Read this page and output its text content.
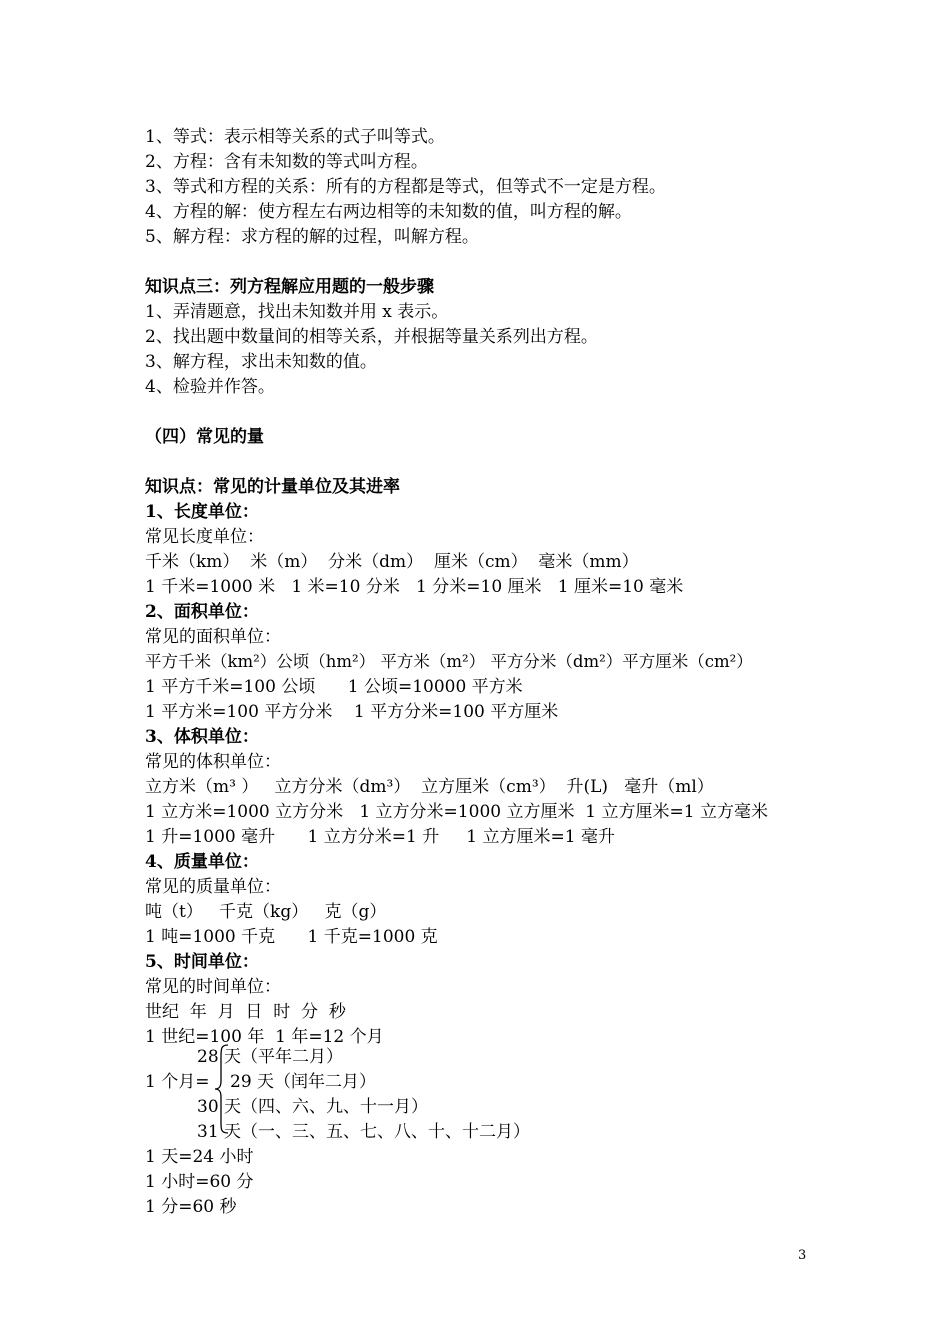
1、等式：表示相等关系的式子叫等式。
2、方程：含有未知数的等式叫方程。
3、等式和方程的关系：所有的方程都是等式，但等式不一定是方程。
4、方程的解：使方程左右两边相等的未知数的值，叫方程的解。
5、解方程：求方程的解的过程，叫解方程。
知识点三：列方程解应用题的一般步骤
1、弄清题意，找出未知数并用 x 表示。
2、找出题中数量间的相等关系，并根据等量关系列出方程。
3、解方程，求出未知数的值。
4、检验并作答。
（四）常见的量
知识点：常见的计量单位及其进率
1、长度单位：
常见长度单位：
千米（km）  米（m）  分米（dm）  厘米（cm）  毫米（mm）
1 千米=1000 米   1 米=10 分米   1 分米=10 厘米   1 厘米=10 毫米
2、面积单位：
常见的面积单位：
平方千米（km²）公顷（hm²） 平方米（m²） 平方分米（dm²）平方厘米（cm²）
1 平方千米=100 公顷      1 公顷=10000 平方米
1 平方米=100 平方分米    1 平方分米=100 平方厘米
3、体积单位：
常见的体积单位：
立方米（m³ ）   立方分米（dm³）  立方厘米（cm³）  升(L)   毫升（ml）
1 立方米=1000 立方分米   1 立方分米=1000 立方厘米  1 立方厘米=1 立方毫米
1 升=1000 毫升      1 立方分米=1 升     1 立方厘米=1 毫升
4、质量单位：
常见的质量单位：
吨（t）   千克（kg）   克（g）
1 吨=1000 千克      1 千克=1000 克
5、时间单位：
常见的时间单位：
世纪  年  月  日  时  分  秒
1 世纪=100 年  1 年=12 个月
28 天（平年二月）
1 个月= 29 天（闰年二月）
30 天（四、六、九、十一月）
31 天（一、三、五、七、八、十、十二月）
1 天=24 小时
1 小时=60 分
1 分=60 秒
3
